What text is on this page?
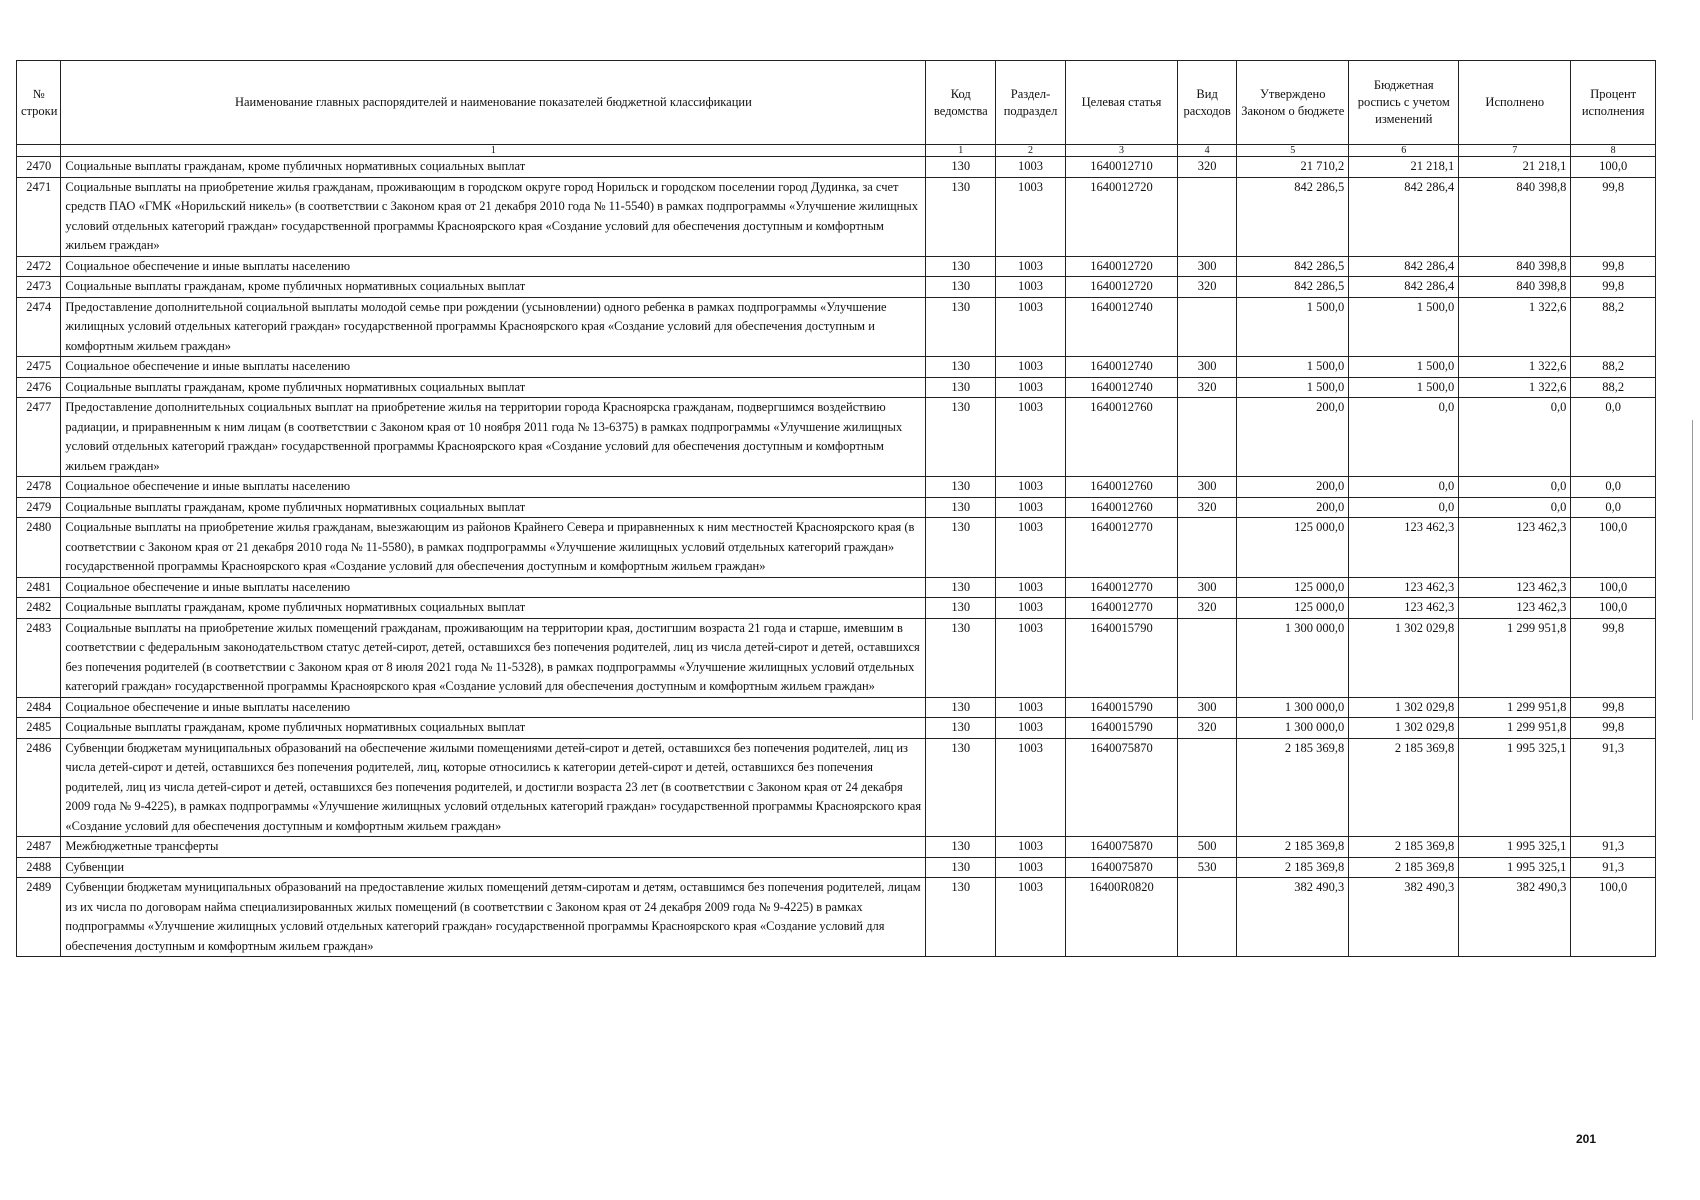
№ строки	Наименование главных распорядителей и наименование показателей бюджетной классификации	Код ведомства	Раздел-подраздел	Целевая статья	Вид расходов	Утверждено Законом о бюджете	Бюджетная роспись с учетом изменений	Исполнено	Процент исполнения
	1	1	2	3	4	5	6	7	8
2470	Социальные выплаты гражданам, кроме публичных нормативных социальных выплат	130	1003	1640012710	320	21 710,2	21 218,1	21 218,1	100,0
2471	Социальные выплаты на приобретение жилья гражданам, проживающим в городском округе город Норильск и городском поселении город Дудинка, за счет средств ПАО «ГМК «Норильский никель» (в соответствии с Законом края от 21 декабря 2010 года № 11-5540) в рамках подпрограммы «Улучшение жилищных условий отдельных категорий граждан» государственной программы Красноярского края «Создание условий для обеспечения доступным и комфортным жильем граждан»	130	1003	1640012720		842 286,5	842 286,4	840 398,8	99,8
2472	Социальное обеспечение и иные выплаты населению	130	1003	1640012720	300	842 286,5	842 286,4	840 398,8	99,8
2473	Социальные выплаты гражданам, кроме публичных нормативных социальных выплат	130	1003	1640012720	320	842 286,5	842 286,4	840 398,8	99,8
2474	Предоставление дополнительной социальной выплаты молодой семье при рождении (усыновлении) одного ребенка в рамках подпрограммы «Улучшение жилищных условий отдельных категорий граждан» государственной программы Красноярского края «Создание условий для обеспечения доступным и комфортным жильем граждан»	130	1003	1640012740		1 500,0	1 500,0	1 322,6	88,2
2475	Социальное обеспечение и иные выплаты населению	130	1003	1640012740	300	1 500,0	1 500,0	1 322,6	88,2
2476	Социальные выплаты гражданам, кроме публичных нормативных социальных выплат	130	1003	1640012740	320	1 500,0	1 500,0	1 322,6	88,2
2477	Предоставление дополнительных социальных выплат на приобретение жилья на территории города Красноярска гражданам, подвергшимся воздействию радиации, и приравненным к ним лицам (в соответствии с Законом края от 10 ноября 2011 года № 13-6375) в рамках подпрограммы «Улучшение жилищных условий отдельных категорий граждан» государственной программы Красноярского края «Создание условий для обеспечения доступным и комфортным жильем граждан»	130	1003	1640012760		200,0	0,0	0,0	0,0
2478	Социальное обеспечение и иные выплаты населению	130	1003	1640012760	300	200,0	0,0	0,0	0,0
2479	Социальные выплаты гражданам, кроме публичных нормативных социальных выплат	130	1003	1640012760	320	200,0	0,0	0,0	0,0
2480	Социальные выплаты на приобретение жилья гражданам, выезжающим из районов Крайнего Севера и приравненных к ним местностей Красноярского края (в соответствии с Законом края от 21 декабря 2010 года № 11-5580), в рамках подпрограммы «Улучшение жилищных условий отдельных категорий граждан» государственной программы Красноярского края «Создание условий для обеспечения доступным и комфортным жильем граждан»	130	1003	1640012770		125 000,0	123 462,3	123 462,3	100,0
2481	Социальное обеспечение и иные выплаты населению	130	1003	1640012770	300	125 000,0	123 462,3	123 462,3	100,0
2482	Социальные выплаты гражданам, кроме публичных нормативных социальных выплат	130	1003	1640012770	320	125 000,0	123 462,3	123 462,3	100,0
2483	Социальные выплаты на приобретение жилых помещений гражданам, проживающим на территории края, достигшим возраста 21 года и старше, имевшим в соответствии с федеральным законодательством статус детей-сирот, детей, оставшихся без попечения родителей, лиц из числа детей-сирот и детей, оставшихся без попечения родителей (в соответствии с Законом края от 8 июля 2021 года № 11-5328), в рамках подпрограммы «Улучшение жилищных условий отдельных категорий граждан» государственной программы Красноярского края «Создание условий для обеспечения доступным и комфортным жильем граждан»	130	1003	1640015790		1 300 000,0	1 302 029,8	1 299 951,8	99,8
2484	Социальное обеспечение и иные выплаты населению	130	1003	1640015790	300	1 300 000,0	1 302 029,8	1 299 951,8	99,8
2485	Социальные выплаты гражданам, кроме публичных нормативных социальных выплат	130	1003	1640015790	320	1 300 000,0	1 302 029,8	1 299 951,8	99,8
2486	Субвенции бюджетам муниципальных образований на обеспечение жилыми помещениями детей-сирот и детей, оставшихся без попечения родителей, лиц из числа детей-сирот и детей, оставшихся без попечения родителей, лиц, которые относились к категории детей-сирот и детей, оставшихся без попечения родителей, лиц из числа детей-сирот и детей, оставшихся без попечения родителей, и достигли возраста 23 лет (в соответствии с Законом края от 24 декабря 2009 года № 9-4225), в рамках подпрограммы «Улучшение жилищных условий отдельных категорий граждан» государственной программы Красноярского края «Создание условий для обеспечения доступным и комфортным жильем граждан»	130	1003	1640075870		2 185 369,8	2 185 369,8	1 995 325,1	91,3
2487	Межбюджетные трансферты	130	1003	1640075870	500	2 185 369,8	2 185 369,8	1 995 325,1	91,3
2488	Субвенции	130	1003	1640075870	530	2 185 369,8	2 185 369,8	1 995 325,1	91,3
2489	Субвенции бюджетам муниципальных образований на предоставление жилых помещений детям-сиротам и детям, оставшимся без попечения родителей, лицам из их числа по договорам найма специализированных жилых помещений (в соответствии с Законом края от 24 декабря 2009 года № 9-4225) в рамках подпрограммы «Улучшение жилищных условий отдельных категорий граждан» государственной программы Красноярского края «Создание условий для обеспечения доступным и комфортным жильем граждан»	130	1003	16400R0820		382 490,3	382 490,3	382 490,3	100,0
201
